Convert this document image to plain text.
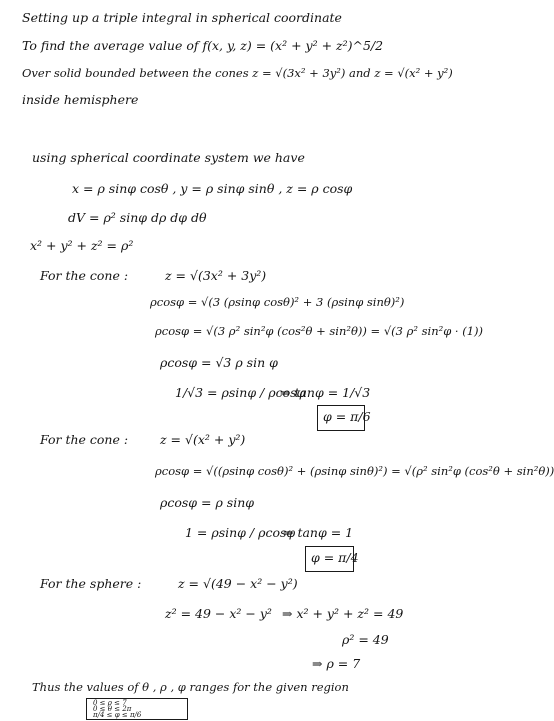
Setting up a triple integral in spherical coordinate
To find the average value of f(x, y, z) = (x² + y² + z²)^5/2
Over solid bounded between the cones z = √(3x² + 3y²) and z = √(x² + y²)
inside hemisphere
using spherical coordinate system we have
x = ρ sinφ cosθ , y = ρ sinφ sinθ , z = ρ cosφ
dV = ρ² sinφ dρ dφ dθ
x² + y² + z² = ρ²
For the cone :	z = √(3x² + 3y²)
ρcosφ = √(3 (ρsinφ cosθ)² + 3 (ρsinφ sinθ)²)
ρcosφ = √(3 ρ² sin²φ (cos²θ + sin²θ)) = √(3 ρ² sin²φ · (1))
ρcosφ = √3 ρ sin φ
1/√3 = ρsinφ / ρcosφ
⇒ tanφ = 1/√3
φ = π/6
For the cone :	z = √(x² + y²)
ρcosφ = √((ρsinφ cosθ)² + (ρsinφ sinθ)²) = √(ρ² sin²φ (cos²θ + sin²θ))
ρcosφ = ρ sinφ
1 = ρsinφ / ρcosφ
⇒ tanφ = 1
φ = π/4
For the sphere :	z = √(49 − x² − y²)
z² = 49 − x² − y² ⇒ x² + y² + z² = 49
ρ² = 49
⇒ ρ = 7
Thus the values of θ , ρ , φ ranges for the given region
0 ≤ ρ ≤ 7
0 ≤ θ ≤ 2π
π/4 ≤ φ ≤ π/6
